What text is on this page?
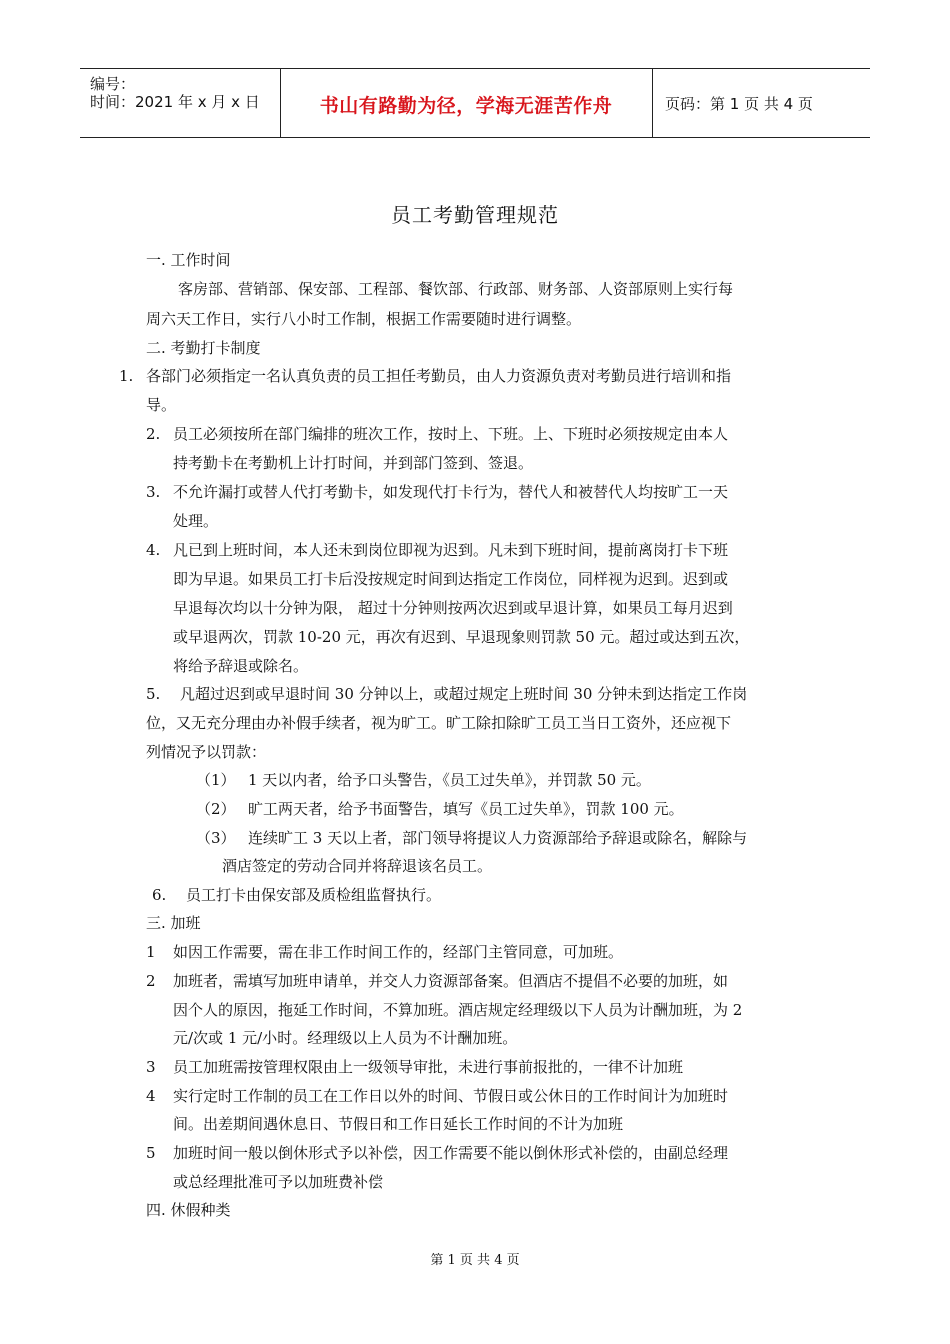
编号：
时间：2021 年 x 月 x 日	书山有路勤为径，学海无涯苦作舟	页码：第 1 页 共 4 页
员工考勤管理规范
一. 工作时间
客房部、营销部、保安部、工程部、餐饮部、行政部、财务部、人资部原则上实行每
周六天工作日，实行八小时工作制，根据工作需要随时进行调整。
二. 考勤打卡制度
1. 各部门必须指定一名认真负责的员工担任考勤员，由人力资源负责对考勤员进行培训和指
导。
2. 员工必须按所在部门编排的班次工作，按时上、下班。上、下班时必须按规定由本人
持考勤卡在考勤机上计打时间，并到部门签到、签退。
3. 不允许漏打或替人代打考勤卡，如发现代打卡行为，替代人和被替代人均按旷工一天
处理。
4. 凡已到上班时间，本人还未到岗位即视为迟到。凡未到下班时间，提前离岗打卡下班
即为早退。如果员工打卡后没按规定时间到达指定工作岗位，同样视为迟到。迟到或
早退每次均以十分钟为限， 超过十分钟则按两次迟到或早退计算，如果员工每月迟到
或早退两次，罚款 10-20 元，再次有迟到、早退现象则罚款 50 元。超过或达到五次，
将给予辞退或除名。
5. 凡超过迟到或早退时间 30 分钟以上，或超过规定上班时间 30 分钟未到达指定工作岗
位，又无充分理由办补假手续者，视为旷工。旷工除扣除旷工员工当日工资外，还应视下
列情况予以罚款：
（1） 1 天以内者，给予口头警告，《员工过失单》，并罚款 50 元。
（2） 旷工两天者，给予书面警告，填写《员工过失单》，罚款 100 元。
（3） 连续旷工 3 天以上者，部门领导将提议人力资源部给予辞退或除名，解除与
酒店签定的劳动合同并将辞退该名员工。
6. 员工打卡由保安部及质检组监督执行。
三. 加班
1 如因工作需要，需在非工作时间工作的，经部门主管同意，可加班。
2 加班者，需填写加班申请单，并交人力资源部备案。但酒店不提倡不必要的加班，如
因个人的原因，拖延工作时间，不算加班。酒店规定经理级以下人员为计酬加班，为 2
元/次或 1 元/小时。经理级以上人员为不计酬加班。
3 员工加班需按管理权限由上一级领导审批，未进行事前报批的，一律不计加班
4 实行定时工作制的员工在工作日以外的时间、节假日或公休日的工作时间计为加班时
间。出差期间遇休息日、节假日和工作日延长工作时间的不计为加班
5 加班时间一般以倒休形式予以补偿，因工作需要不能以倒休形式补偿的，由副总经理
或总经理批准可予以加班费补偿
四. 休假种类
第 1 页 共 4 页
